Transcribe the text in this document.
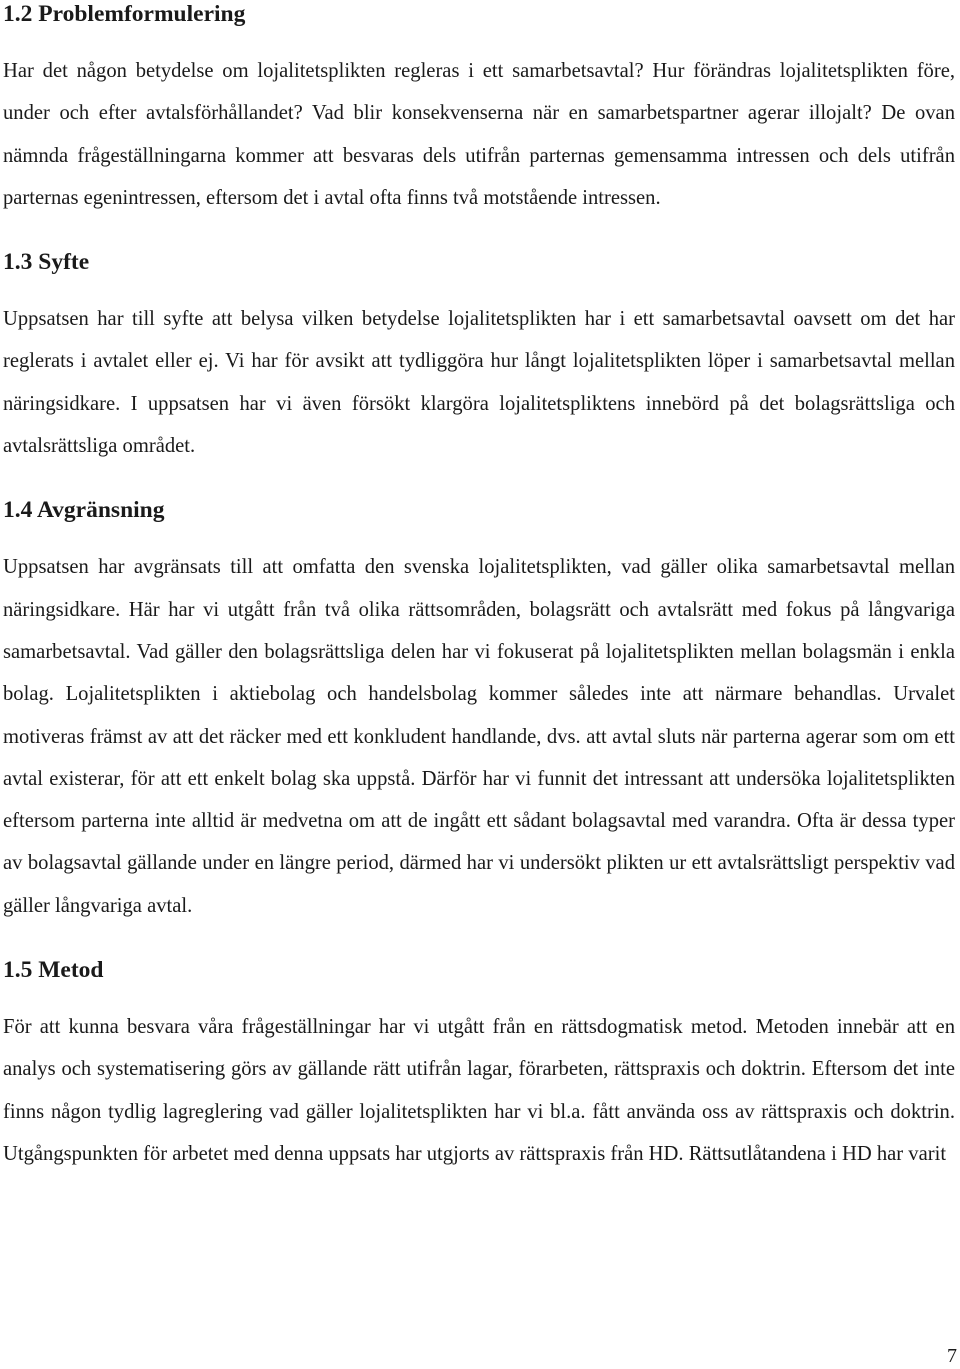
1.2 Problemformulering

Har det någon betydelse om lojalitetsplikten regleras i ett samarbetsavtal? Hur förändras lojalitetsplikten före, under och efter avtalsförhållandet? Vad blir konsekvenserna när en samarbetspartner agerar illojalt? De ovan nämnda frågeställningarna kommer att besvaras dels utifrån parternas gemensamma intressen och dels utifrån parternas egenintressen, eftersom det i avtal ofta finns två motstående intressen.

1.3 Syfte

Uppsatsen har till syfte att belysa vilken betydelse lojalitetsplikten har i ett samarbetsavtal oavsett om det har reglerats i avtalet eller ej. Vi har för avsikt att tydliggöra hur långt lojalitetsplikten löper i samarbetsavtal mellan näringsidkare. I uppsatsen har vi även försökt klargöra lojalitetspliktens innebörd på det bolagsrättsliga och avtalsrättsliga området.

1.4 Avgränsning

Uppsatsen har avgränsats till att omfatta den svenska lojalitetsplikten, vad gäller olika samarbetsavtal mellan näringsidkare. Här har vi utgått från två olika rättsområden, bolagsrätt och avtalsrätt med fokus på långvariga samarbetsavtal. Vad gäller den bolagsrättsliga delen har vi fokuserat på lojalitetsplikten mellan bolagsmän i enkla bolag. Lojalitetsplikten i aktiebolag och handelsbolag kommer således inte att närmare behandlas. Urvalet motiveras främst av att det räcker med ett konkludent handlande, dvs. att avtal sluts när parterna agerar som om ett avtal existerar, för att ett enkelt bolag ska uppstå. Därför har vi funnit det intressant att undersöka lojalitetsplikten eftersom parterna inte alltid är medvetna om att de ingått ett sådant bolagsavtal med varandra. Ofta är dessa typer av bolagsavtal gällande under en längre period, därmed har vi undersökt plikten ur ett avtalsrättsligt perspektiv vad gäller långvariga avtal.

1.5 Metod

För att kunna besvara våra frågeställningar har vi utgått från en rättsdogmatisk metod. Metoden innebär att en analys och systematisering görs av gällande rätt utifrån lagar, förarbeten, rättspraxis och doktrin. Eftersom det inte finns någon tydlig lagreglering vad gäller lojalitetsplikten har vi bl.a. fått använda oss av rättspraxis och doktrin. Utgångspunkten för arbetet med denna uppsats har utgjorts av rättspraxis från HD. Rättsutlåtandena i HD har varit

7
